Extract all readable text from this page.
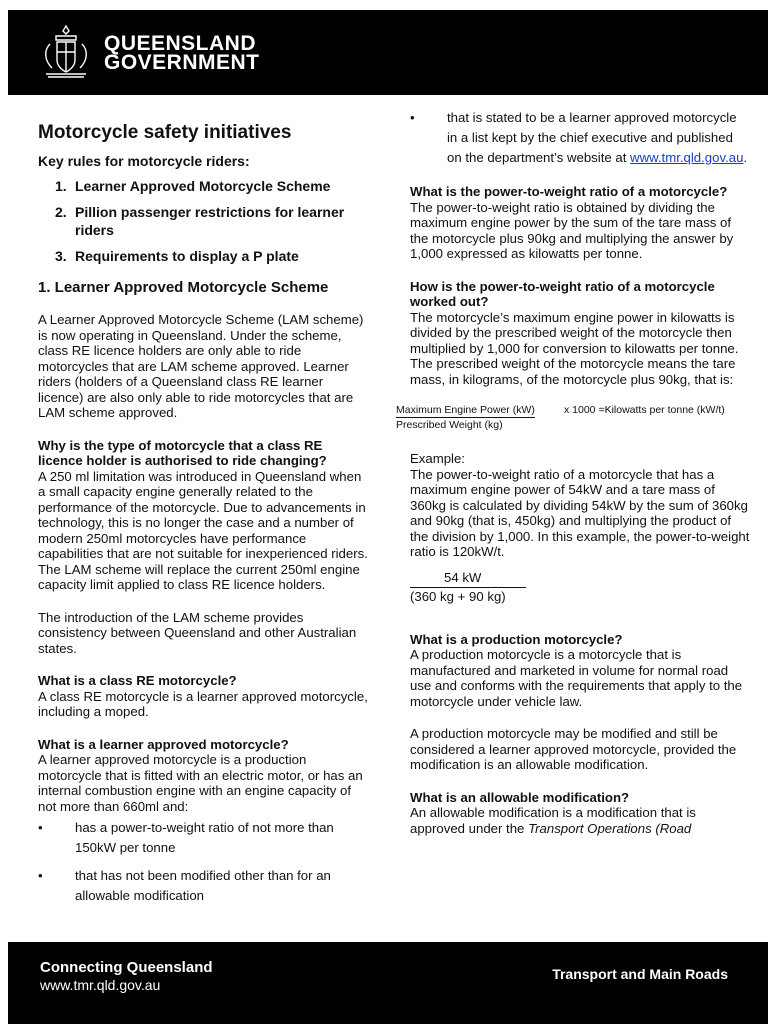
QUEENSLAND
GOVERNMENT
Motorcycle safety initiatives
Key rules for motorcycle riders:
1. Learner Approved Motorcycle Scheme
2. Pillion passenger restrictions for learner riders
3. Requirements to display a P plate
1. Learner Approved Motorcycle Scheme

A Learner Approved Motorcycle Scheme (LAM scheme) is now operating in Queensland. Under the scheme, class RE licence holders are only able to ride motorcycles that are LAM scheme approved. Learner riders (holders of a Queensland class RE learner licence) are also only able to ride motorcycles that are LAM scheme approved.

Why is the type of motorcycle that a class RE licence holder is authorised to ride changing?
A 250 ml limitation was introduced in Queensland when a small capacity engine generally related to the performance of the motorcycle. Due to advancements in technology, this is no longer the case and a number of modern 250ml motorcycles have performance capabilities that are not suitable for inexperienced riders. The LAM scheme will replace the current 250ml engine capacity limit applied to class RE licence holders.

The introduction of the LAM scheme provides consistency between Queensland and other Australian states.

What is a class RE motorcycle?
A class RE motorcycle is a learner approved motorcycle, including a moped.

What is a learner approved motorcycle?
A learner approved motorcycle is a production motorcycle that is fitted with an electric motor, or has an internal combustion engine with an engine capacity of not more than 660ml and:

• has a power-to-weight ratio of not more than 150kW per tonne
• that has not been modified other than for an allowable modification
• that is stated to be a learner approved motorcycle in a list kept by the chief executive and published on the department’s website at www.tmr.qld.gov.au.

What is the power-to-weight ratio of a motorcycle?
The power-to-weight ratio is obtained by dividing the maximum engine power by the sum of the tare mass of the motorcycle plus 90kg and multiplying the answer by 1,000 expressed as kilowatts per tonne.

How is the power-to-weight ratio of a motorcycle worked out?
The motorcycle’s maximum engine power in kilowatts is divided by the prescribed weight of the motorcycle then multiplied by 1,000 for conversion to kilowatts per tonne. The prescribed weight of the motorcycle means the tare mass, in kilograms, of the motorcycle plus 90kg, that is:

Maximum Engine Power (kW)
Prescribed Weight (kg)
x 1000 =Kilowatts per tonne (kW/t)

Example:
The power-to-weight ratio of a motorcycle that has a maximum engine power of 54kW and a tare mass of 360kg is calculated by dividing 54kW by the sum of 360kg and 90kg (that is, 450kg) and multiplying the product of the division by 1,000. In this example, the power-to-weight ratio is 120kW/t.

54 kW
(360 kg + 90 kg)

What is a production motorcycle?
A production motorcycle is a motorcycle that is manufactured and marketed in volume for normal road use and conforms with the requirements that apply to the motorcycle under vehicle law.

A production motorcycle may be modified and still be considered a learner approved motorcycle, provided the modification is an allowable modification.

What is an allowable modification?
An allowable modification is a modification that is approved under the Transport Operations (Road

Connecting Queensland
www.tmr.qld.gov.au
Transport and Main Roads
